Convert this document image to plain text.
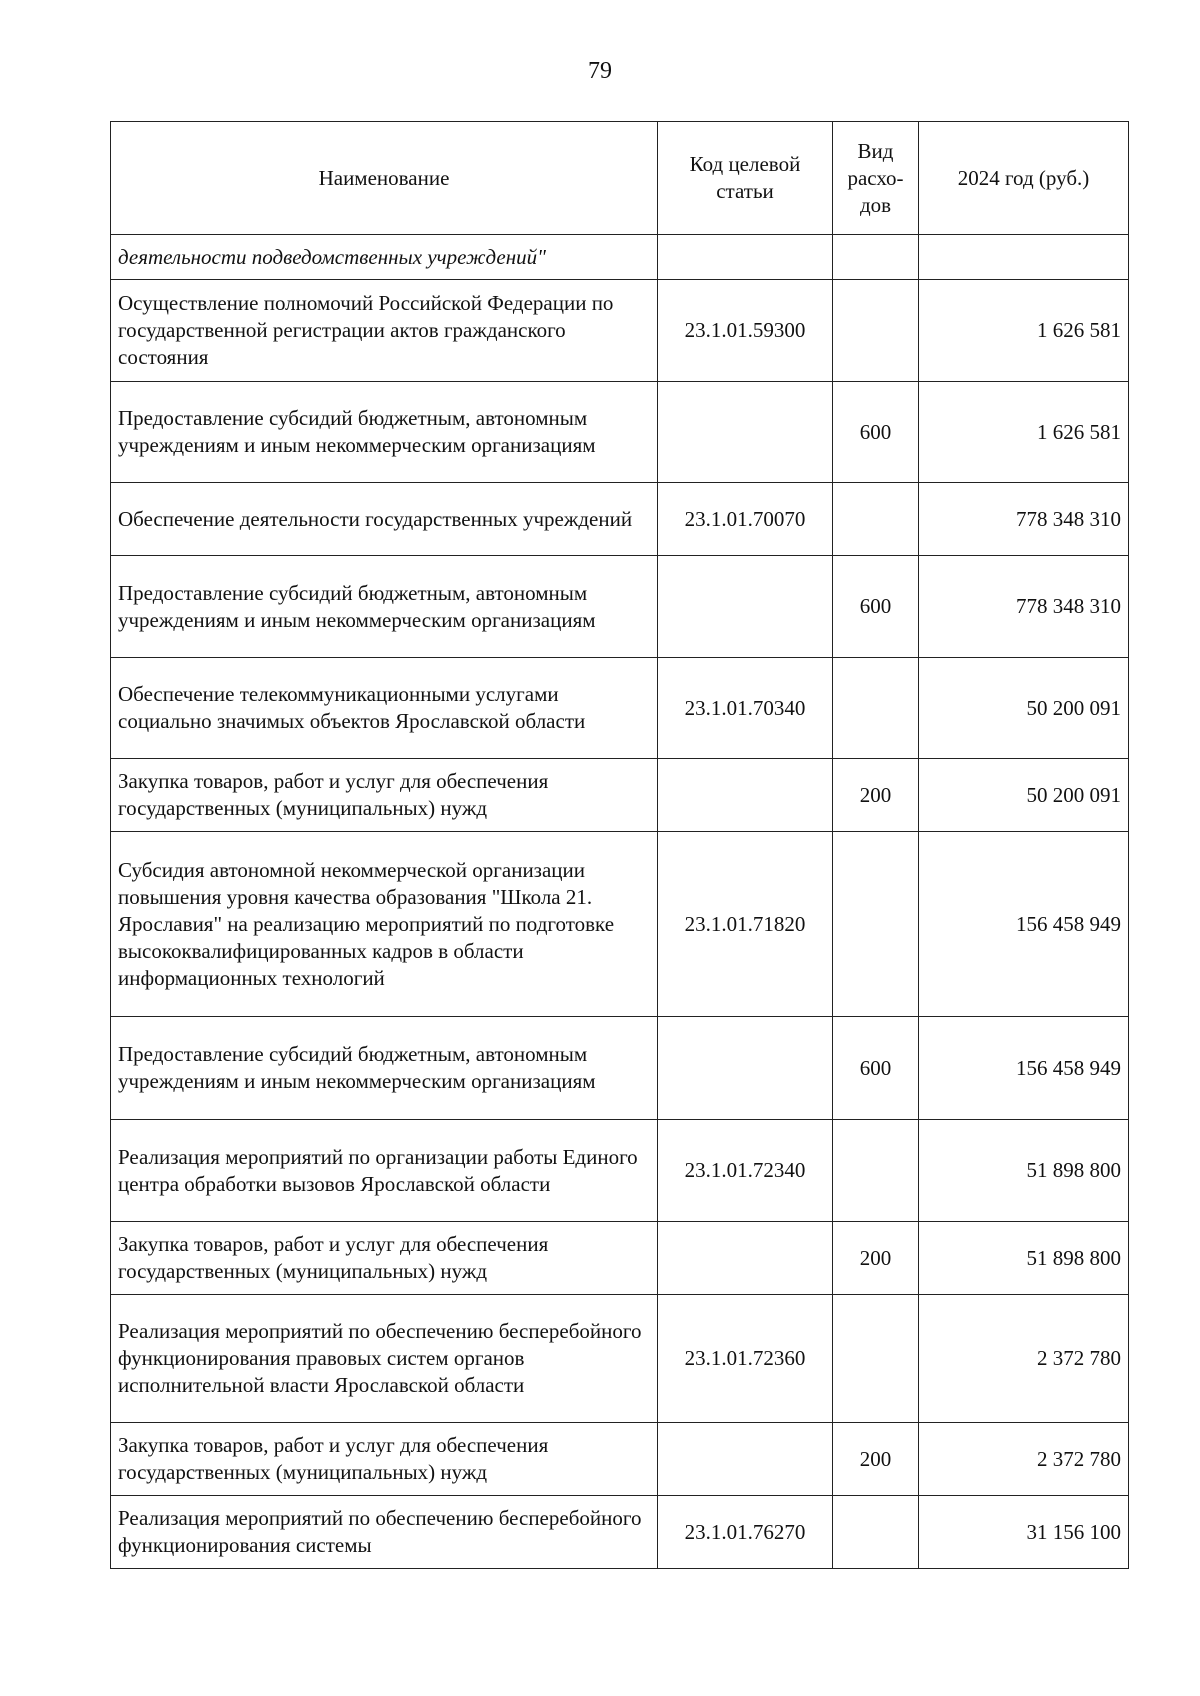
79
Наименование	Код целевой статьи	Вид расхо-дов	2024 год (руб.)
деятельности подведомственных учреждений"			
Осуществление полномочий Российской Федерации по государственной регистрации актов гражданского состояния	23.1.01.59300		1 626 581
Предоставление субсидий бюджетным, автономным учреждениям и иным некоммерческим организациям		600	1 626 581
Обеспечение деятельности государственных учреждений	23.1.01.70070		778 348 310
Предоставление субсидий бюджетным, автономным учреждениям и иным некоммерческим организациям		600	778 348 310
Обеспечение телекоммуникационными услугами социально значимых объектов Ярославской области	23.1.01.70340		50 200 091
Закупка товаров, работ и услуг для обеспечения государственных (муниципальных) нужд		200	50 200 091
Субсидия автономной некоммерческой организации повышения уровня качества образования "Школа 21. Ярославия" на реализацию мероприятий по подготовке высококвалифицированных кадров в области информационных технологий	23.1.01.71820		156 458 949
Предоставление субсидий бюджетным, автономным учреждениям и иным некоммерческим организациям		600	156 458 949
Реализация мероприятий по организации работы Единого центра обработки вызовов Ярославской области	23.1.01.72340		51 898 800
Закупка товаров, работ и услуг для обеспечения государственных (муниципальных) нужд		200	51 898 800
Реализация мероприятий по обеспечению бесперебойного функционирования правовых систем органов исполнительной власти Ярославской области	23.1.01.72360		2 372 780
Закупка товаров, работ и услуг для обеспечения государственных (муниципальных) нужд		200	2 372 780
Реализация мероприятий по обеспечению бесперебойного функционирования системы	23.1.01.76270		31 156 100
